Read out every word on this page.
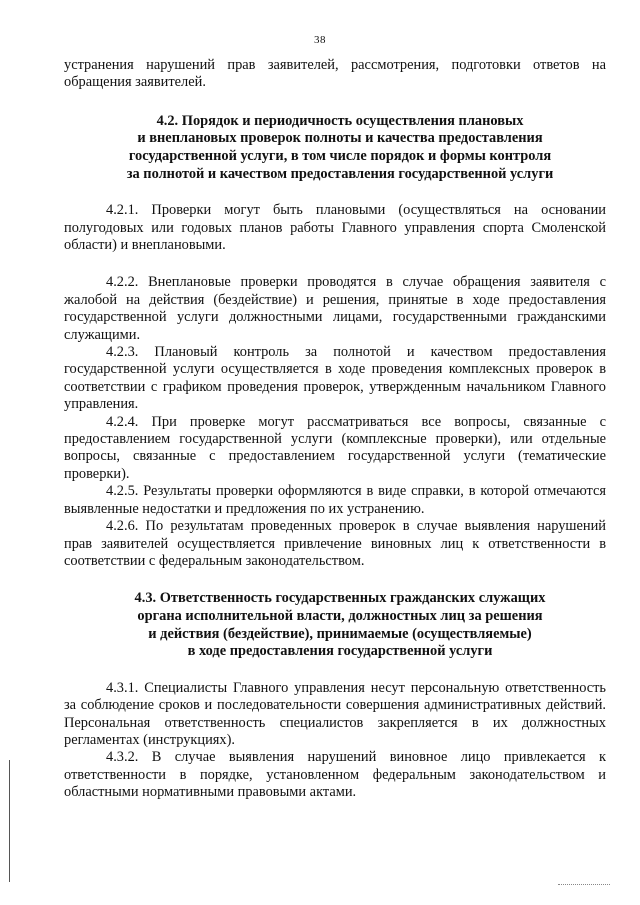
38

устранения нарушений прав заявителей, рассмотрения, подготовки ответов на обращения заявителей.

4.2. Порядок и периодичность осуществления плановых
и внеплановых проверок полноты и качества предоставления
государственной услуги, в том числе порядок и формы контроля
за полнотой и качеством предоставления государственной услуги

4.2.1. Проверки могут быть плановыми (осуществляться на основании полугодовых или годовых планов работы Главного управления спорта Смоленской области) и внеплановыми.

4.2.2. Внеплановые проверки проводятся в случае обращения заявителя с жалобой на действия (бездействие) и решения, принятые в ходе предоставления государственной услуги должностными лицами, государственными гражданскими служащими.

4.2.3. Плановый контроль за полнотой и качеством предоставления государственной услуги осуществляется в ходе проведения комплексных проверок в соответствии с графиком проведения проверок, утвержденным начальником Главного управления.

4.2.4. При проверке могут рассматриваться все вопросы, связанные с предоставлением государственной услуги (комплексные проверки), или отдельные вопросы, связанные с предоставлением государственной услуги (тематические проверки).

4.2.5. Результаты проверки оформляются в виде справки, в которой отмечаются выявленные недостатки и предложения по их устранению.

4.2.6. По результатам проведенных проверок в случае выявления нарушений прав заявителей осуществляется привлечение виновных лиц к ответственности в соответствии с федеральным законодательством.

4.3. Ответственность государственных гражданских служащих
органа исполнительной власти, должностных лиц за решения
и действия (бездействие), принимаемые (осуществляемые)
в ходе предоставления государственной услуги

4.3.1. Специалисты Главного управления несут персональную ответственность за соблюдение сроков и последовательности совершения административных действий. Персональная ответственность специалистов закрепляется в их должностных регламентах (инструкциях).

4.3.2. В случае выявления нарушений виновное лицо привлекается к ответственности в порядке, установленном федеральным законодательством и областными нормативными правовыми актами.
